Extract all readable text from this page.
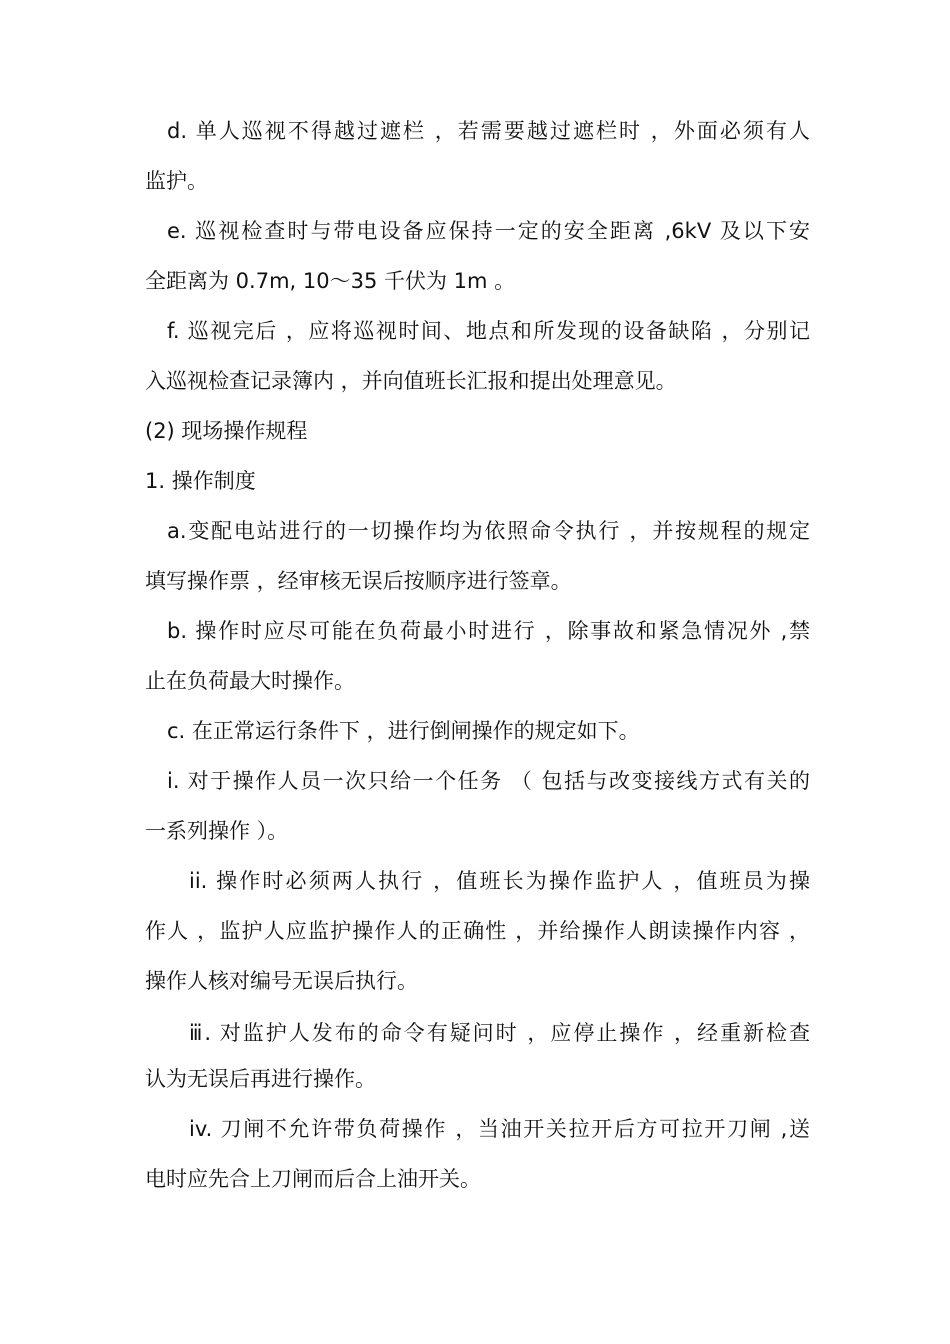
d. 单人巡视不得越过遮栏 ，若需要越过遮栏时 ，外面必须有人
监护。
e. 巡视检查时与带电设备应保持一定的安全距离 ,6kV 及以下安
全距离为 0.7m, 10～35 千伏为 1m 。
f. 巡视完后 ，应将巡视时间、地点和所发现的设备缺陷 ，分别记
入巡视检查记录簿内 ，并向值班长汇报和提出处理意见。
(2) 现场操作规程
1. 操作制度
a.变配电站进行的一切操作均为依照命令执行 ，并按规程的规定
填写操作票 ，经审核无误后按顺序进行签章。
b. 操作时应尽可能在负荷最小时进行 ，除事故和紧急情况外 ,禁
止在负荷最大时操作。
c. 在正常运行条件下 ，进行倒闸操作的规定如下。
i. 对于操作人员一次只给一个任务 （ 包括与改变接线方式有关的
一系列操作 ）。
ii. 操作时必须两人执行 ，值班长为操作监护人 ，值班员为操
作人 ，监护人应监护操作人的正确性 ，并给操作人朗读操作内容 ，
操作人核对编号无误后执行。
ⅲ. 对监护人发布的命令有疑问时 ，应停止操作 ，经重新检查
认为无误后再进行操作。
iv. 刀闸不允许带负荷操作 ，当油开关拉开后方可拉开刀闸 ,送
电时应先合上刀闸而后合上油开关。
